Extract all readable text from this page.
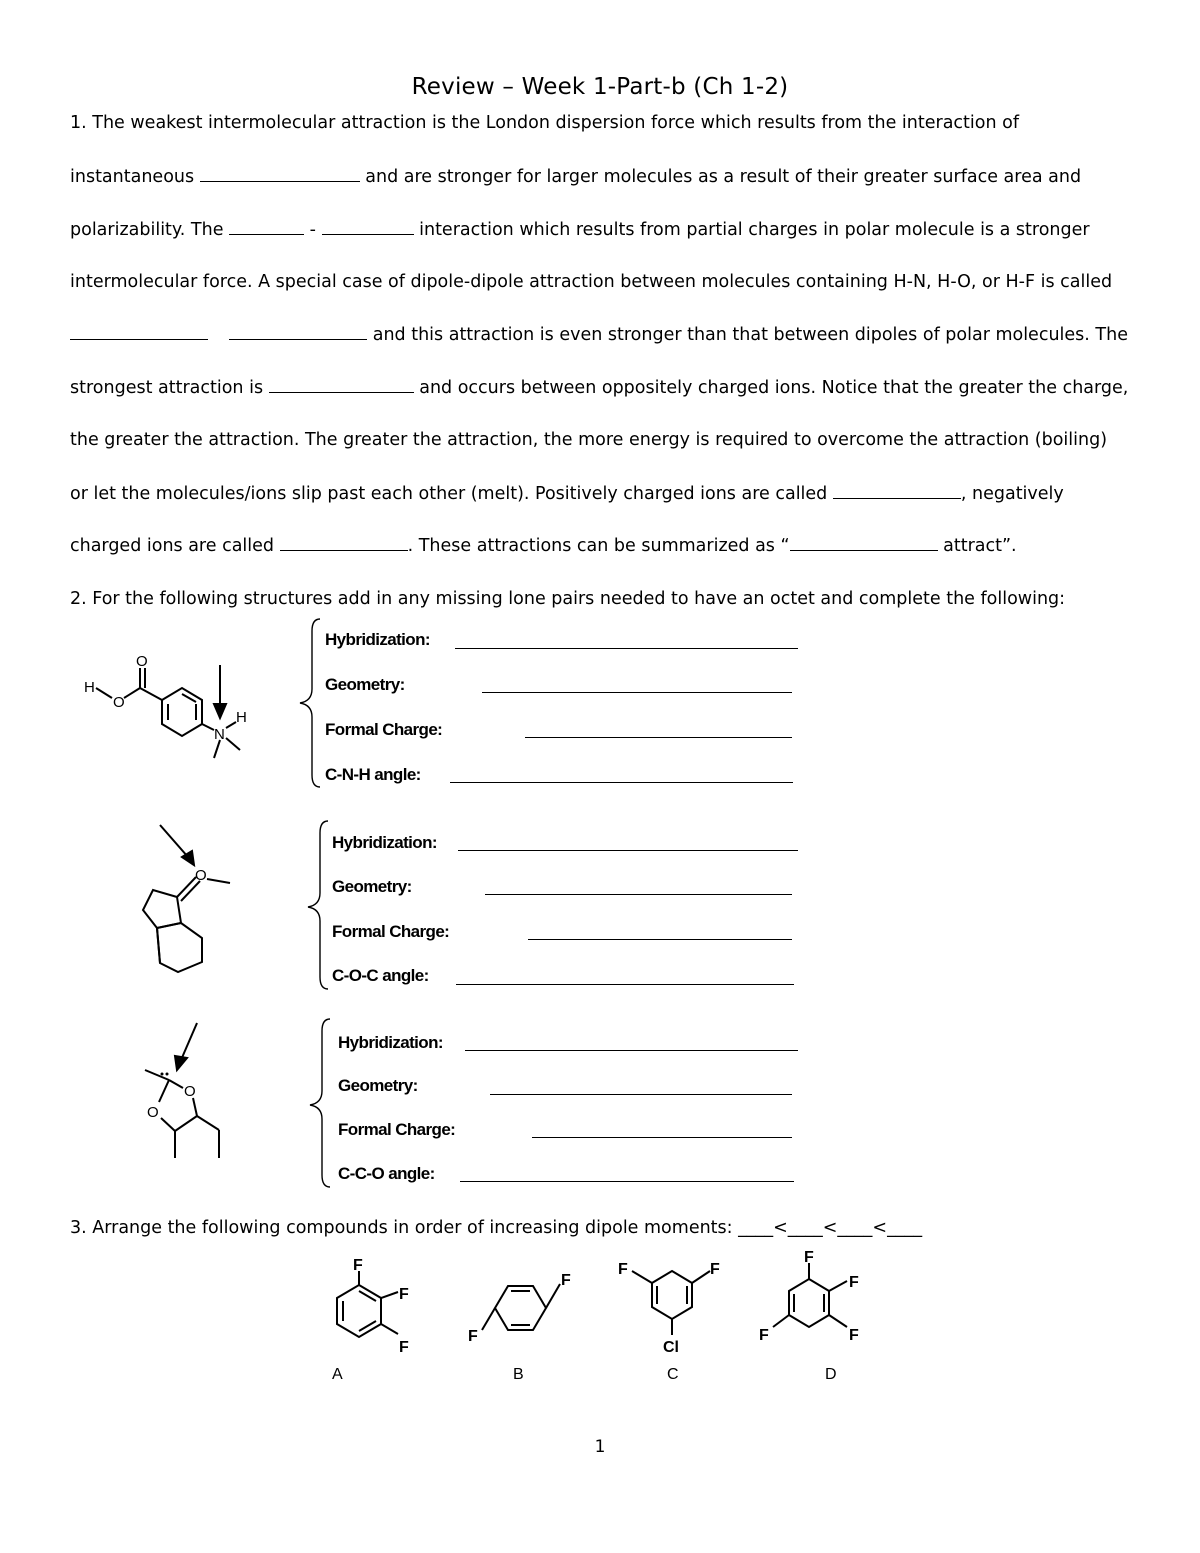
Review – Week 1-Part-b (Ch 1-2)
1. The weakest intermolecular attraction is the London dispersion force which results from the interaction of
instantaneous	and are stronger for larger molecules as a result of their greater surface area and
polarizability. The	-	interaction which results from partial charges in polar molecule is a stronger
intermolecular force. A special case of dipole-dipole attraction between molecules containing H-N, H-O, or H-F is called
and this attraction is even stronger than that between dipoles of polar molecules. The
strongest attraction is	and occurs between oppositely charged ions. Notice that the greater the charge,
the greater the attraction. The greater the attraction, the more energy is required to overcome the attraction (boiling)
or let the molecules/ions slip past each other (melt). Positively charged ions are called	, negatively
charged ions are called	. These attractions can be summarized as “	attract”.
2. For the following structures add in any missing lone pairs needed to have an octet and complete the following:
H
O
O
N
H
O
O
O
Hybridization:
Geometry:
Formal Charge:
C-N-H angle:
Hybridization:
Geometry:
Formal Charge:
C-O-C angle:
Hybridization:
Geometry:
Formal Charge:
C-C-O angle:
3. Arrange the following compounds in order of increasing dipole moments: ____<____<____<____
F
F
F
F
F
F	F
Cl
F
F
F
F
A	B	C	D
1
